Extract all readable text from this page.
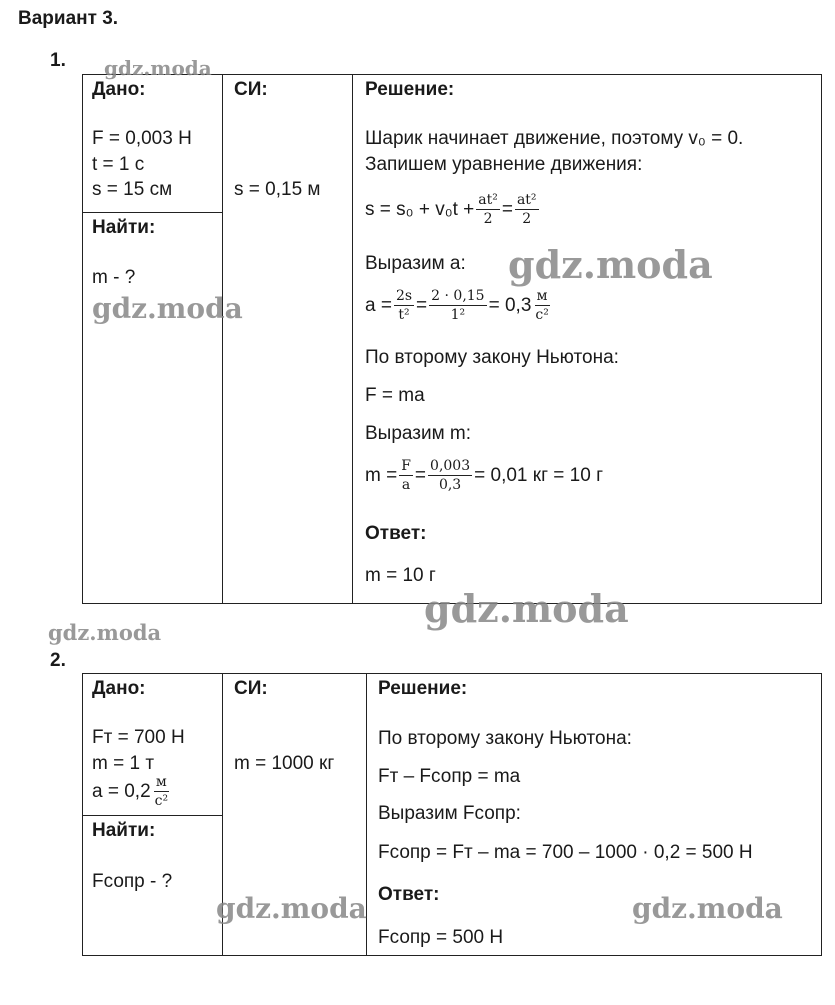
Вариант 3.
1.
Дано:
F = 0,003 Н
t = 1 с
s = 15 см
Найти:
m - ?
СИ:
s = 0,15 м
Решение:
Шарик начинает движение, поэтому v₀ = 0.
Запишем уравнение движения:
$s = s_0 + v_0t + \frac{\text{at²}}{2} = \frac{\text{at²}}{2}$
Выразим a:
$a = \frac{2s}{\text{t²}} = \frac{2 \cdot 0,15}{\text{1²}} = 0,3 \frac{м}{\text{с²}}$
По второму закону Ньютона:
F = ma
Выразим m:
$m = \frac{F}{a} = \frac{0,003}{0,3} = 0,01$ кг = 10 г
Ответ:
m = 10 г
2.
Дано:
Fᴛ = 700 Н
m = 1 т
$a = 0,2 \frac{м}{\text{с²}}$
Найти:
Fсопр - ?
СИ:
m = 1000 кг
Решение:
По второму закону Ньютона:
Fᴛ – Fсопр = ma
Выразим Fсопр:
Fсопр = Fᴛ – ma = 700 – 1000 · 0,2 = 500 Н
Ответ:
Fсопр = 500 Н
gdz.moda
gdz.moda
gdz.moda
gdz.moda
gdz.moda
gdz.moda	gdz.moda
